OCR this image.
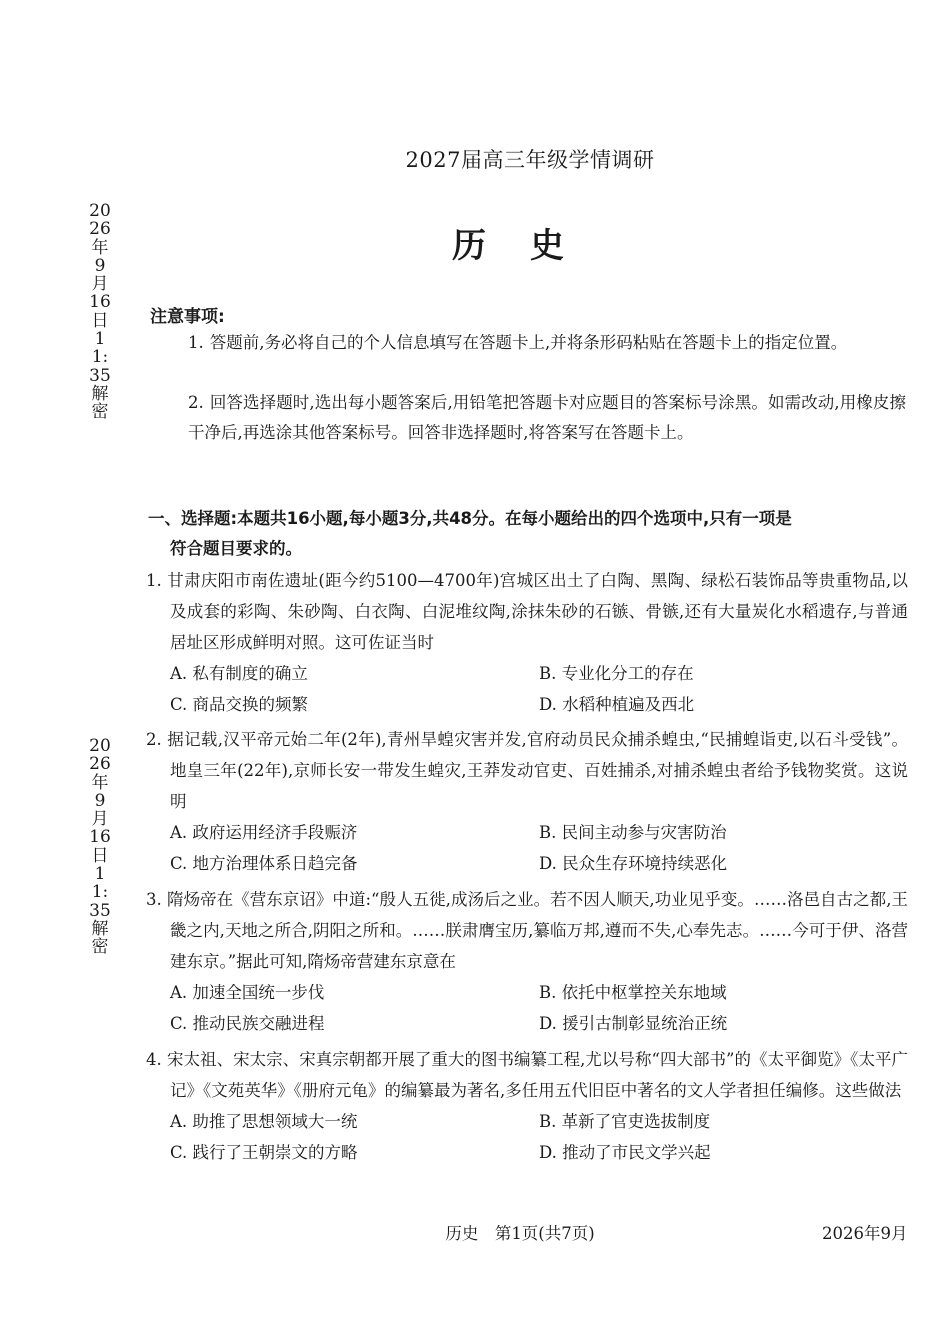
2026年9月16日11:35解密
2026年9月16日11:35解密
2027届高三年级学情调研
历史
注意事项:
1. 答题前,务必将自己的个人信息填写在答题卡上,并将条形码粘贴在答题卡上的指定位置。
2. 回答选择题时,选出每小题答案后,用铅笔把答题卡对应题目的答案标号涂黑。如需改动,用橡皮擦干净后,再选涂其他答案标号。回答非选择题时,将答案写在答题卡上。
一、选择题:本题共16小题,每小题3分,共48分。在每小题给出的四个选项中,只有一项是
符合题目要求的。
1. 甘肃庆阳市南佐遗址(距今约5100—4700年)宫城区出土了白陶、黑陶、绿松石装饰品等贵重物品,以及成套的彩陶、朱砂陶、白衣陶、白泥堆纹陶,涂抹朱砂的石镞、骨镞,还有大量炭化水稻遗存,与普通居址区形成鲜明对照。这可佐证当时
A. 私有制度的确立	B. 专业化分工的存在
C. 商品交换的频繁	D. 水稻种植遍及西北
2. 据记载,汉平帝元始二年(2年),青州旱蝗灾害并发,官府动员民众捕杀蝗虫,“民捕蝗诣吏,以石斗受钱”。地皇三年(22年),京师长安一带发生蝗灾,王莽发动官吏、百姓捕杀,对捕杀蝗虫者给予钱物奖赏。这说明
A. 政府运用经济手段赈济	B. 民间主动参与灾害防治
C. 地方治理体系日趋完备	D. 民众生存环境持续恶化
3. 隋炀帝在《营东京诏》中道:“殷人五徙,成汤后之业。若不因人顺天,功业见乎变。……洛邑自古之都,王畿之内,天地之所合,阴阳之所和。……朕肃膺宝历,纂临万邦,遵而不失,心奉先志。……今可于伊、洛营建东京。”据此可知,隋炀帝营建东京意在
A. 加速全国统一步伐	B. 依托中枢掌控关东地域
C. 推动民族交融进程	D. 援引古制彰显统治正统
4. 宋太祖、宋太宗、宋真宗朝都开展了重大的图书编纂工程,尤以号称“四大部书”的《太平御览》《太平广记》《文苑英华》《册府元龟》的编纂最为著名,多任用五代旧臣中著名的文人学者担任编修。这些做法
A. 助推了思想领域大一统	B. 革新了官吏选拔制度
C. 践行了王朝崇文的方略	D. 推动了市民文学兴起
历史　第1页(共7页)	2026年9月
